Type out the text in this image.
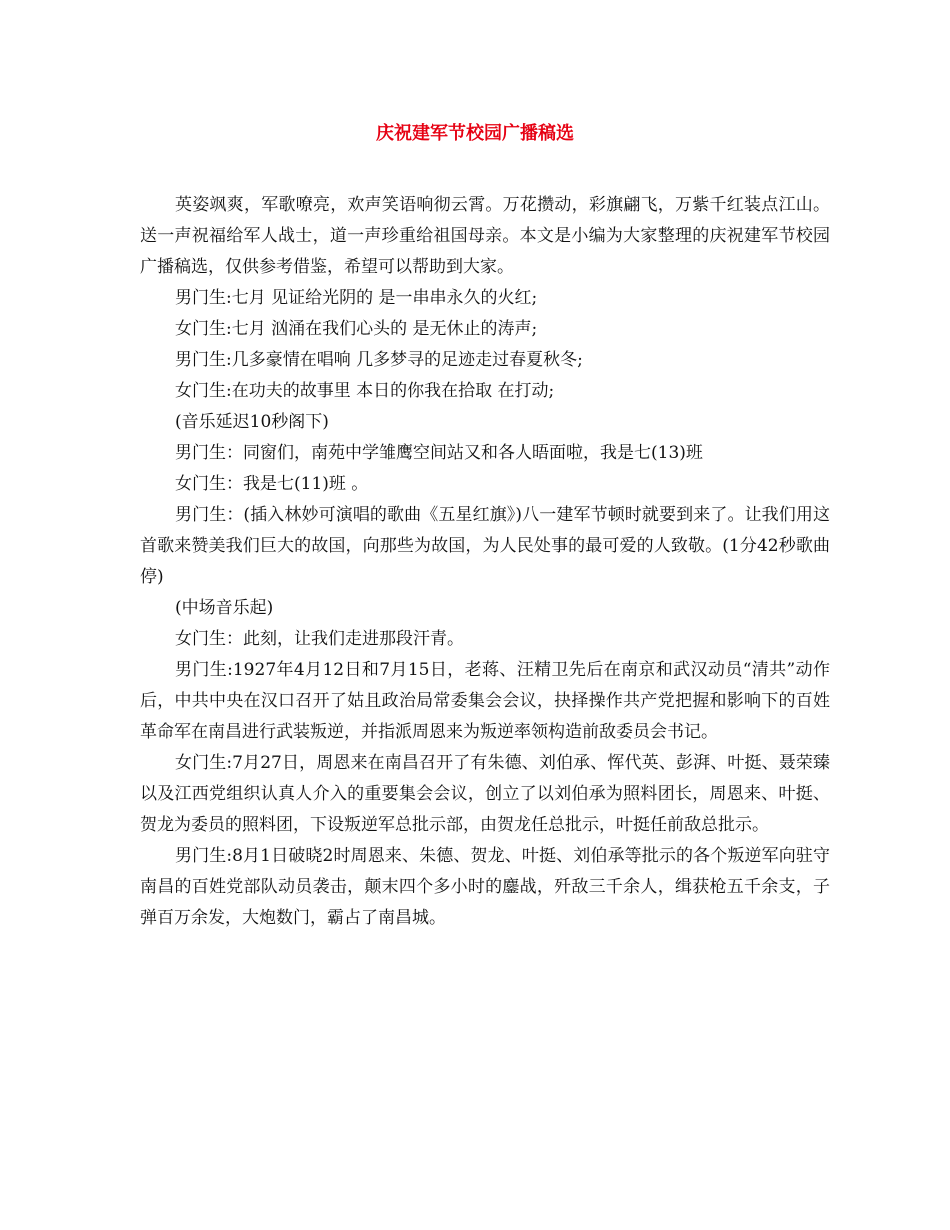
庆祝建军节校园广播稿选

英姿飒爽，军歌嘹亮，欢声笑语响彻云霄。万花攒动，彩旗翩飞，万紫千红装点江山。送一声祝福给军人战士，道一声珍重给祖国母亲。本文是小编为大家整理的庆祝建军节校园广播稿选，仅供参考借鉴，希望可以帮助到大家。

男门生:七月 见证给光阴的 是一串串永久的火红;

女门生:七月 汹涌在我们心头的 是无休止的涛声;

男门生:几多豪情在唱响 几多梦寻的足迹走过春夏秋冬;

女门生:在功夫的故事里 本日的你我在拾取 在打动;

(音乐延迟10秒阁下)

男门生：同窗们，南苑中学雏鹰空间站又和各人晤面啦，我是七(13)班

女门生：我是七(11)班 。

男门生：(插入林妙可演唱的歌曲《五星红旗》)八一建军节顿时就要到来了。让我们用这首歌来赞美我们巨大的故国，向那些为故国，为人民处事的最可爱的人致敬。(1分42秒歌曲停)

(中场音乐起)

女门生：此刻，让我们走进那段汗青。

男门生:1927年4月12日和7月15日，老蒋、汪精卫先后在南京和武汉动员“清共”动作后，中共中央在汉口召开了姑且政治局常委集会会议，抉择操作共产党把握和影响下的百姓革命军在南昌进行武装叛逆，并指派周恩来为叛逆率领构造前敌委员会书记。

女门生:7月27日，周恩来在南昌召开了有朱德、刘伯承、恽代英、彭湃、叶挺、聂荣臻以及江西党组织认真人介入的重要集会会议，创立了以刘伯承为照料团长，周恩来、叶挺、贺龙为委员的照料团，下设叛逆军总批示部，由贺龙任总批示，叶挺任前敌总批示。

男门生:8月1日破晓2时周恩来、朱德、贺龙、叶挺、刘伯承等批示的各个叛逆军向驻守南昌的百姓党部队动员袭击，颠末四个多小时的鏖战，歼敌三千余人，缉获枪五千余支，子弹百万余发，大炮数门，霸占了南昌城。
